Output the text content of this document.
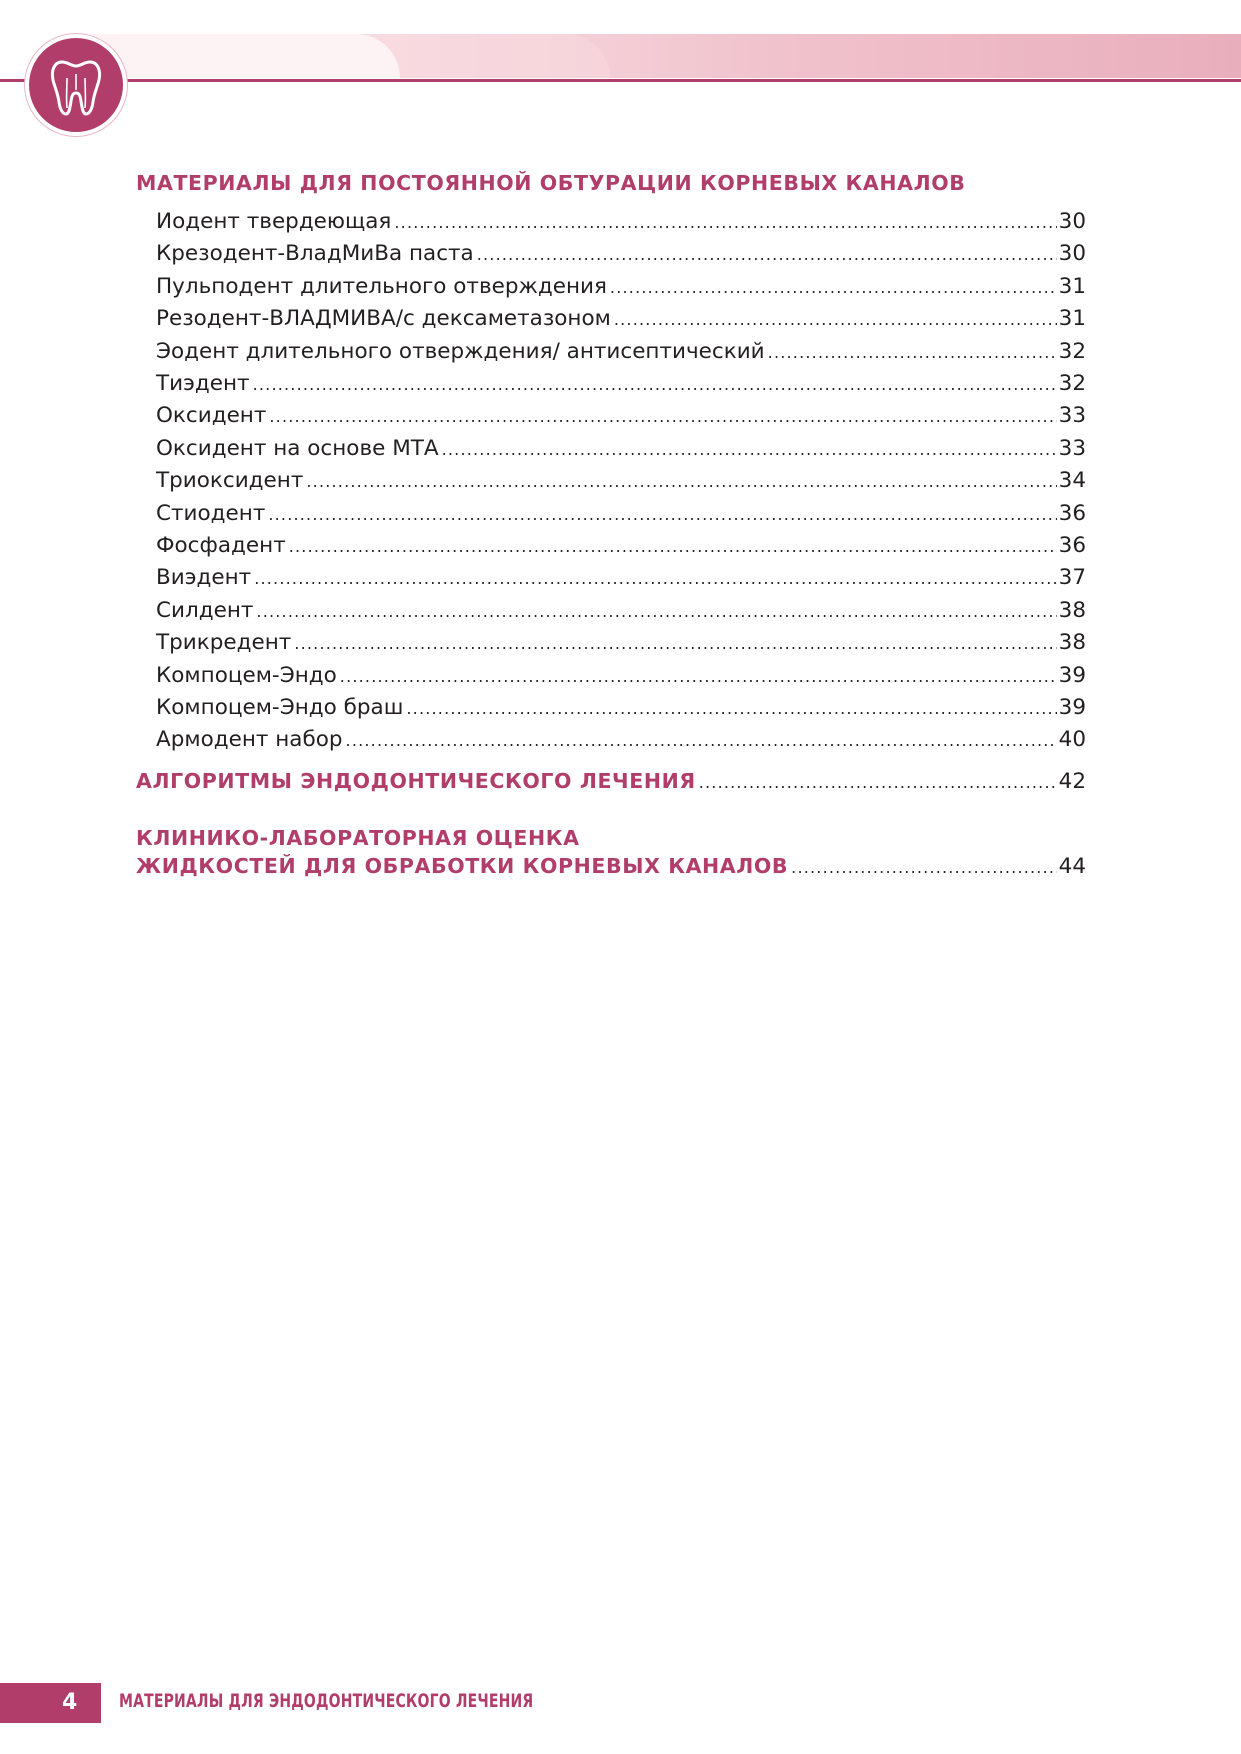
МАТЕРИАЛЫ ДЛЯ ПОСТОЯННОЙ ОБТУРАЦИИ КОРНЕВЫХ КАНАЛОВ
Иодент твердеющая .....	30
Крезодент-ВладМиВа паста .....	30
Пульподент длительного отверждения .....	31
Резодент-ВЛАДМИВА/с дексаметазоном .....	31
Эодент длительного отверждения/ антисептический .....	32
Тиэдент .....	32
Оксидент .....	33
Оксидент на основе МТА .....	33
Триоксидент .....	34
Стиодент .....	36
Фосфадент .....	36
Виэдент .....	37
Силдент .....	38
Трикредент .....	38
Компоцем-Эндо .....	39
Компоцем-Эндо браш .....	39
Армодент набор .....	40
АЛГОРИТМЫ ЭНДОДОНТИЧЕСКОГО ЛЕЧЕНИЯ .....	42
КЛИНИКО-ЛАБОРАТОРНАЯ ОЦЕНКА
ЖИДКОСТЕЙ ДЛЯ ОБРАБОТКИ КОРНЕВЫХ КАНАЛОВ .....	44
4	МАТЕРИАЛЫ ДЛЯ ЭНДОДОНТИЧЕСКОГО ЛЕЧЕНИЯ
